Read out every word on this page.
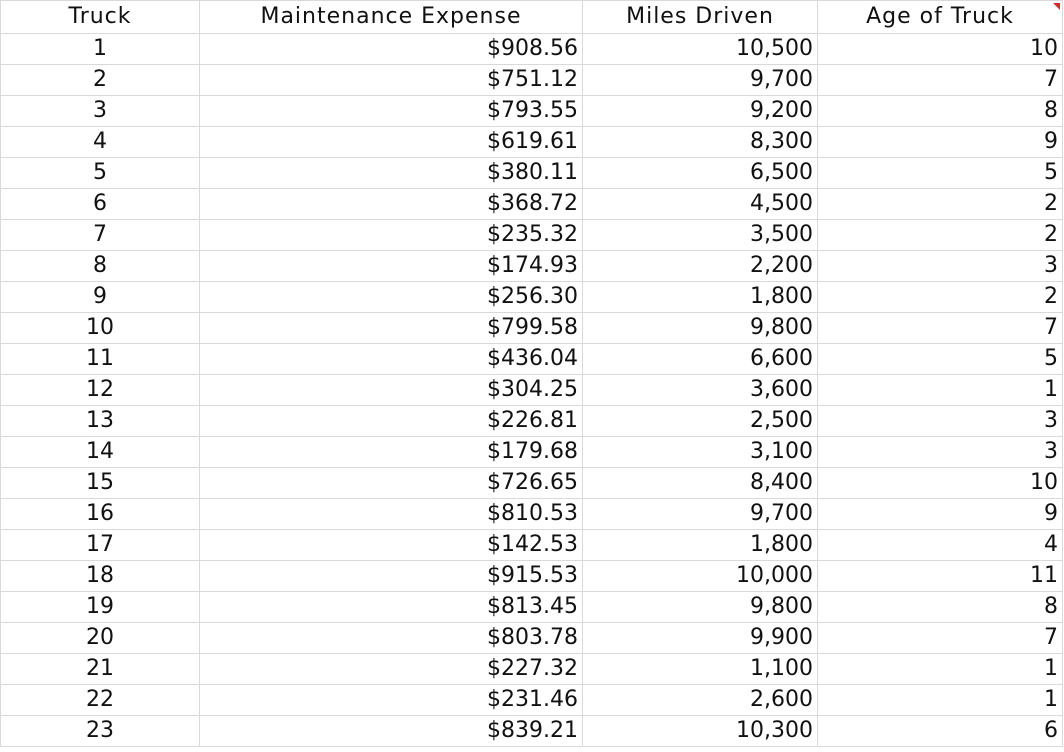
Truck	Maintenance Expense	Miles Driven	Age of Truck

1	$908.56	10,500	10
2	$751.12	9,700	7
3	$793.55	9,200	8
4	$619.61	8,300	9
5	$380.11	6,500	5
6	$368.72	4,500	2
7	$235.32	3,500	2
8	$174.93	2,200	3
9	$256.30	1,800	2
10	$799.58	9,800	7
11	$436.04	6,600	5
12	$304.25	3,600	1
13	$226.81	2,500	3
14	$179.68	3,100	3
15	$726.65	8,400	10
16	$810.53	9,700	9
17	$142.53	1,800	4
18	$915.53	10,000	11
19	$813.45	9,800	8
20	$803.78	9,900	7
21	$227.32	1,100	1
22	$231.46	2,600	1
23	$839.21	10,300	6
